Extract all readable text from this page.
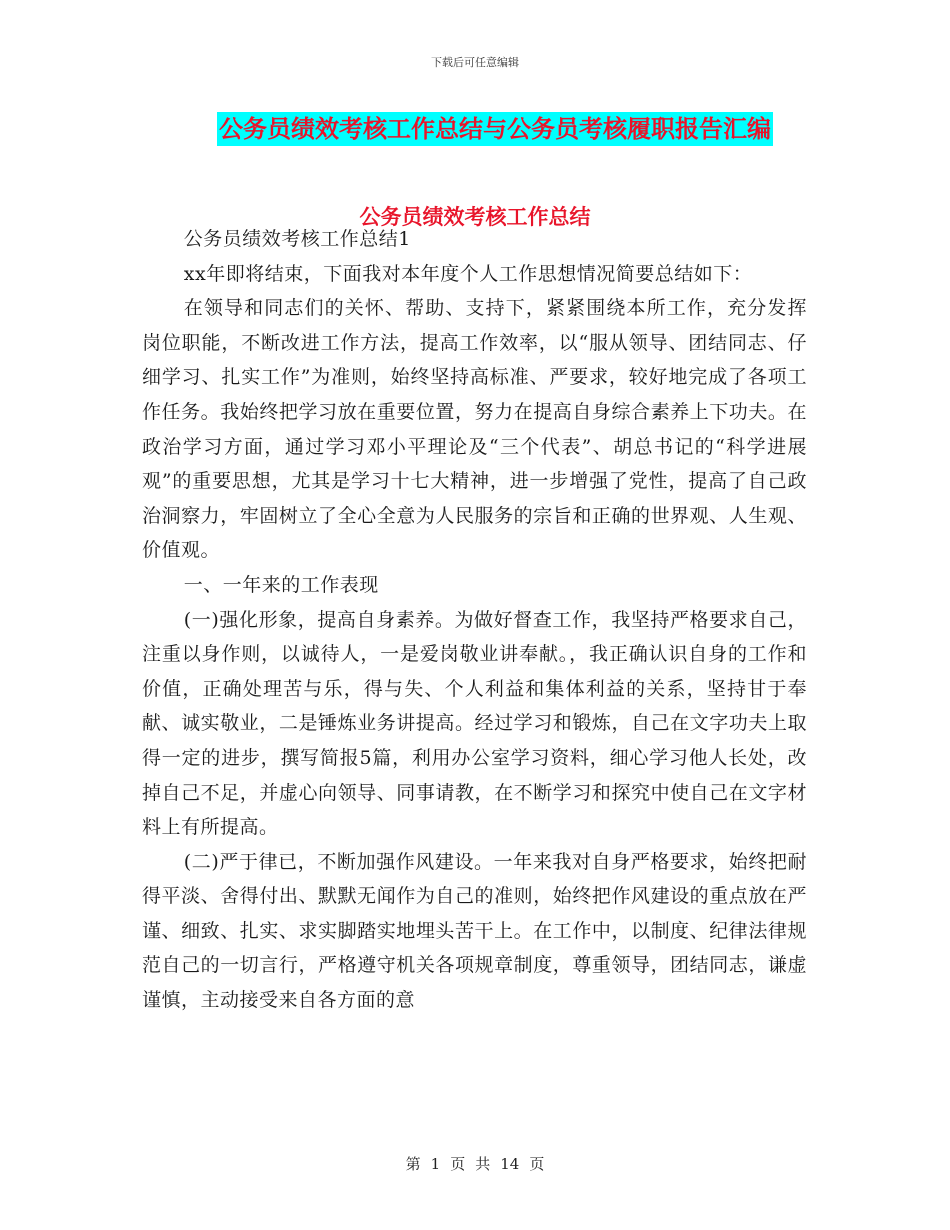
下载后可任意编辑
公务员绩效考核工作总结与公务员考核履职报告汇编
公务员绩效考核工作总结

公务员绩效考核工作总结1

xx年即将结束，下面我对本年度个人工作思想情况简要总结如下：

在领导和同志们的关怀、帮助、支持下，紧紧围绕本所工作，充分发挥岗位职能，不断改进工作方法，提高工作效率，以“服从领导、团结同志、仔细学习、扎实工作”为准则，始终坚持高标准、严要求，较好地完成了各项工作任务。我始终把学习放在重要位置，努力在提高自身综合素养上下功夫。在政治学习方面，通过学习邓小平理论及“三个代表”、胡总书记的“科学进展观”的重要思想，尤其是学习十七大精神，进一步增强了党性，提高了自己政治洞察力，牢固树立了全心全意为人民服务的宗旨和正确的世界观、人生观、价值观。

一、一年来的工作表现

(一)强化形象，提高自身素养。为做好督查工作，我坚持严格要求自己，注重以身作则，以诚待人，一是爱岗敬业讲奉献。，我正确认识自身的工作和价值，正确处理苦与乐，得与失、个人利益和集体利益的关系，坚持甘于奉献、诚实敬业，二是锤炼业务讲提高。经过学习和锻炼，自己在文字功夫上取得一定的进步，撰写简报5篇，利用办公室学习资料，细心学习他人长处，改掉自己不足，并虚心向领导、同事请教，在不断学习和探究中使自己在文字材料上有所提高。

(二)严于律已，不断加强作风建设。一年来我对自身严格要求，始终把耐得平淡、舍得付出、默默无闻作为自己的准则，始终把作风建设的重点放在严谨、细致、扎实、求实脚踏实地埋头苦干上。在工作中，以制度、纪律法律规范自己的一切言行，严格遵守机关各项规章制度，尊重领导，团结同志，谦虚谨慎，主动接受来自各方面的意

第 1 页 共 14 页
